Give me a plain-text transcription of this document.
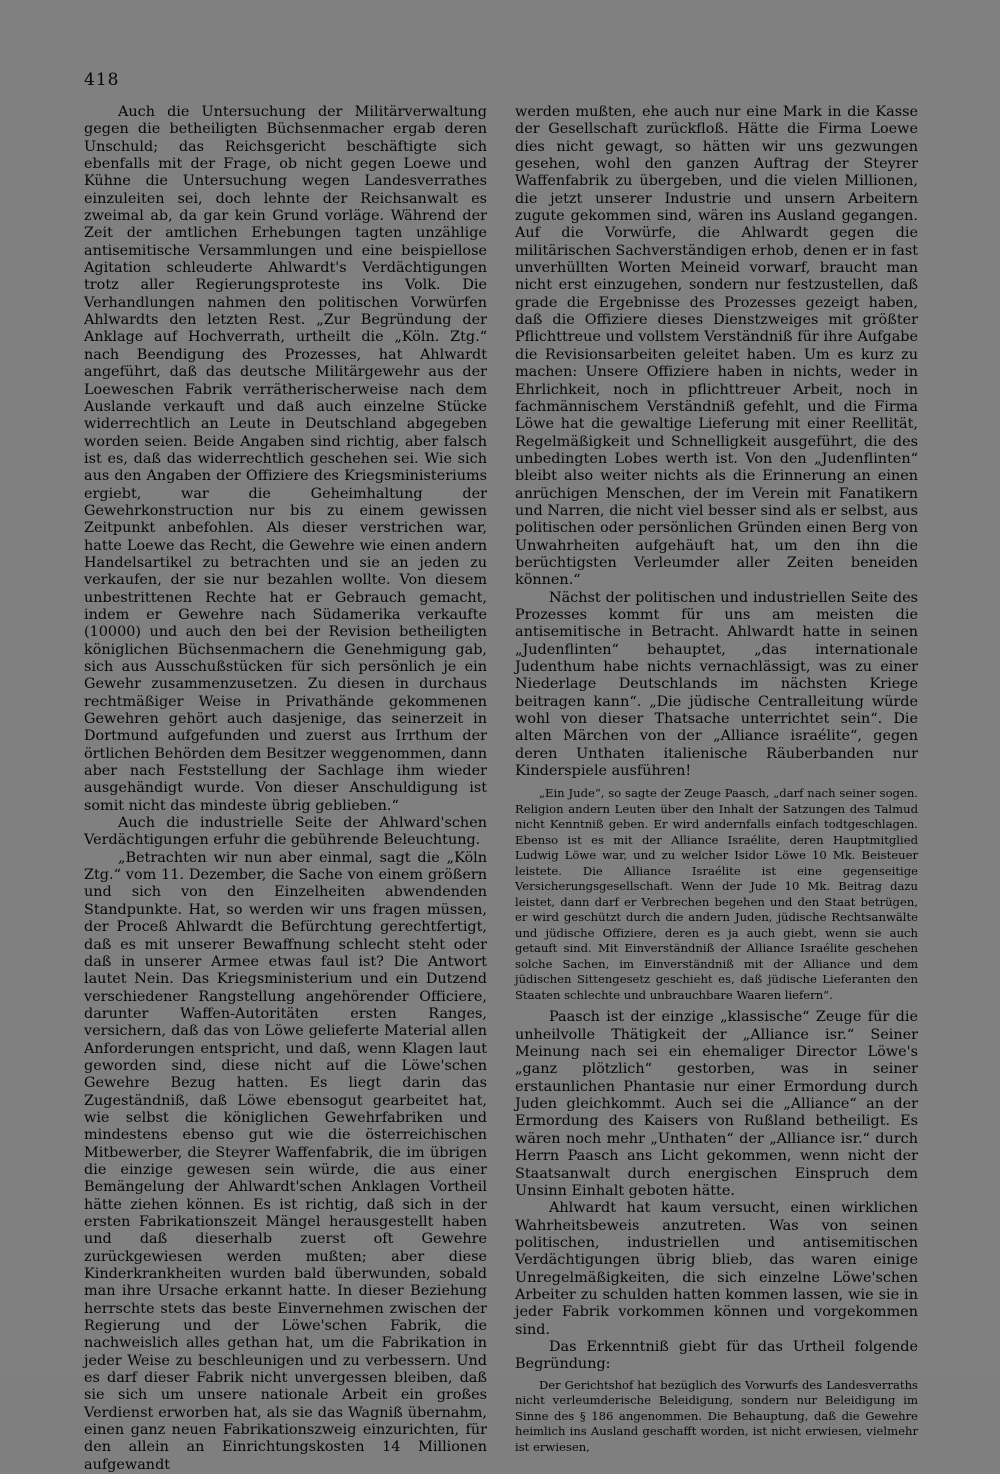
418

Auch die Untersuchung der Militärverwaltung gegen die betheiligten Büchsenmacher ergab deren Unschuld; das Reichsgericht beschäftigte sich ebenfalls mit der Frage, ob nicht gegen Loewe und Kühne die Untersuchung wegen Landesverrathes einzuleiten sei, doch lehnte der Reichsanwalt es zweimal ab, da gar kein Grund vorläge. Während der Zeit der amtlichen Erhebungen tagten unzählige antisemitische Versammlungen und eine beispiellose Agitation schleuderte Ahlwardt's Verdächtigungen trotz aller Regierungsproteste ins Volk. Die Verhandlungen nahmen den politischen Vorwürfen Ahlwardts den letzten Rest. „Zur Begründung der Anklage auf Hochverrath, urtheilt die „Köln. Ztg.“ nach Beendigung des Prozesses, hat Ahlwardt angeführt, daß das deutsche Militärgewehr aus der Loeweschen Fabrik verrätherischerweise nach dem Auslande verkauft und daß auch einzelne Stücke widerrechtlich an Leute in Deutschland abgegeben worden seien. Beide Angaben sind richtig, aber falsch ist es, daß das widerrechtlich geschehen sei. Wie sich aus den Angaben der Offiziere des Kriegsministeriums ergiebt, war die Geheimhaltung der Gewehrkonstruction nur bis zu einem gewissen Zeitpunkt anbefohlen. Als dieser verstrichen war, hatte Loewe das Recht, die Gewehre wie einen andern Handelsartikel zu betrachten und sie an jeden zu verkaufen, der sie nur bezahlen wollte. Von diesem unbestrittenen Rechte hat er Gebrauch gemacht, indem er Gewehre nach Südamerika verkaufte (10000) und auch den bei der Revision betheiligten königlichen Büchsenmachern die Genehmigung gab, sich aus Ausschußstücken für sich persönlich je ein Gewehr zusammenzusetzen. Zu diesen in durchaus rechtmäßiger Weise in Privathände gekommenen Gewehren gehört auch dasjenige, das seinerzeit in Dortmund aufgefunden und zuerst aus Irrthum der örtlichen Behörden dem Besitzer weggenommen, dann aber nach Feststellung der Sachlage ihm wieder ausgehändigt wurde. Von dieser Anschuldigung ist somit nicht das mindeste übrig geblieben.“

Auch die industrielle Seite der Ahlward'schen Verdächtigungen erfuhr die gebührende Beleuchtung.

„Betrachten wir nun aber einmal, sagt die „Köln Ztg.“ vom 11. Dezember, die Sache von einem größern und sich von den Einzelheiten abwendenden Standpunkte. Hat, so werden wir uns fragen müssen, der Proceß Ahlwardt die Befürchtung gerechtfertigt, daß es mit unserer Bewaffnung schlecht steht oder daß in unserer Armee etwas faul ist? Die Antwort lautet Nein. Das Kriegsministerium und ein Dutzend verschiedener Rangstellung angehörender Officiere, darunter Waffen-Autoritäten ersten Ranges, versichern, daß das von Löwe gelieferte Material allen Anforderungen entspricht, und daß, wenn Klagen laut geworden sind, diese nicht auf die Löwe'schen Gewehre Bezug hatten. Es liegt darin das Zugeständniß, daß Löwe ebensogut gearbeitet hat, wie selbst die königlichen Gewehrfabriken und mindestens ebenso gut wie die österreichischen Mitbewerber, die Steyrer Waffenfabrik, die im übrigen die einzige gewesen sein würde, die aus einer Bemängelung der Ahlwardt'schen Anklagen Vortheil hätte ziehen können. Es ist richtig, daß sich in der ersten Fabrikationszeit Mängel herausgestellt haben und daß dieserhalb zuerst oft Gewehre zurückgewiesen werden mußten; aber diese Kinderkrankheiten wurden bald überwunden, sobald man ihre Ursache erkannt hatte. In dieser Beziehung herrschte stets das beste Einvernehmen zwischen der Regierung und der Löwe'schen Fabrik, die nachweislich alles gethan hat, um die Fabrikation in jeder Weise zu beschleunigen und zu verbessern. Und es darf dieser Fabrik nicht unvergessen bleiben, daß sie sich um unsere nationale Arbeit ein großes Verdienst erworben hat, als sie das Wagniß übernahm, einen ganz neuen Fabrikationszweig einzurichten, für den allein an Einrichtungskosten 14 Millionen aufgewandt

werden mußten, ehe auch nur eine Mark in die Kasse der Gesellschaft zurückfloß. Hätte die Firma Loewe dies nicht gewagt, so hätten wir uns gezwungen gesehen, wohl den ganzen Auftrag der Steyrer Waffenfabrik zu übergeben, und die vielen Millionen, die jetzt unserer Industrie und unsern Arbeitern zugute gekommen sind, wären ins Ausland gegangen. Auf die Vorwürfe, die Ahlwardt gegen die militärischen Sachverständigen erhob, denen er in fast unverhüllten Worten Meineid vorwarf, braucht man nicht erst einzugehen, sondern nur festzustellen, daß grade die Ergebnisse des Prozesses gezeigt haben, daß die Offiziere dieses Dienstzweiges mit größter Pflichttreue und vollstem Verständniß für ihre Aufgabe die Revisionsarbeiten geleitet haben. Um es kurz zu machen: Unsere Offiziere haben in nichts, weder in Ehrlichkeit, noch in pflichttreuer Arbeit, noch in fachmännischem Verständniß gefehlt, und die Firma Löwe hat die gewaltige Lieferung mit einer Reellität, Regelmäßigkeit und Schnelligkeit ausgeführt, die des unbedingten Lobes werth ist. Von den „Judenflinten“ bleibt also weiter nichts als die Erinnerung an einen anrüchigen Menschen, der im Verein mit Fanatikern und Narren, die nicht viel besser sind als er selbst, aus politischen oder persönlichen Gründen einen Berg von Unwahrheiten aufgehäuft hat, um den ihn die berüchtigsten Verleumder aller Zeiten beneiden können.“

Nächst der politischen und industriellen Seite des Prozesses kommt für uns am meisten die antisemitische in Betracht. Ahlwardt hatte in seinen „Judenflinten“ behauptet, „das internationale Judenthum habe nichts vernachlässigt, was zu einer Niederlage Deutschlands im nächsten Kriege beitragen kann“. „Die jüdische Centralleitung würde wohl von dieser Thatsache unterrichtet sein“. Die alten Märchen von der „Alliance israélite“, gegen deren Unthaten italienische Räuberbanden nur Kinderspiele ausführen!

„Ein Jude“, so sagte der Zeuge Paasch, „darf nach seiner sogen. Religion andern Leuten über den Inhalt der Satzungen des Talmud nicht Kenntniß geben. Er wird andernfalls einfach todtgeschlagen. Ebenso ist es mit der Alliance Israélite, deren Hauptmitglied Ludwig Löwe war, und zu welcher Isidor Löwe 10 Mk. Beisteuer leistete. Die Alliance Israélite ist eine gegenseitige Versicherungsgesellschaft. Wenn der Jude 10 Mk. Beitrag dazu leistet, dann darf er Verbrechen begehen und den Staat betrügen, er wird geschützt durch die andern Juden, jüdische Rechtsanwälte und jüdische Offiziere, deren es ja auch giebt, wenn sie auch getauft sind. Mit Einverständniß der Alliance Israélite geschehen solche Sachen, im Einverständniß mit der Alliance und dem jüdischen Sittengesetz geschieht es, daß jüdische Lieferanten den Staaten schlechte und unbrauchbare Waaren liefern“.

Paasch ist der einzige „klassische“ Zeuge für die unheilvolle Thätigkeit der „Alliance isr.“ Seiner Meinung nach sei ein ehemaliger Director Löwe's „ganz plötzlich“ gestorben, was in seiner erstaunlichen Phantasie nur einer Ermordung durch Juden gleichkommt. Auch sei die „Alliance“ an der Ermordung des Kaisers von Rußland betheiligt. Es wären noch mehr „Unthaten“ der „Alliance isr.“ durch Herrn Paasch ans Licht gekommen, wenn nicht der Staatsanwalt durch energischen Einspruch dem Unsinn Einhalt geboten hätte.

Ahlwardt hat kaum versucht, einen wirklichen Wahrheitsbeweis anzutreten. Was von seinen politischen, industriellen und antisemitischen Verdächtigungen übrig blieb, das waren einige Unregelmäßigkeiten, die sich einzelne Löwe'schen Arbeiter zu schulden hatten kommen lassen, wie sie in jeder Fabrik vorkommen können und vorgekommen sind.

Das Erkenntniß giebt für das Urtheil folgende Begründung:

Der Gerichtshof hat bezüglich des Vorwurfs des Landesverraths nicht verleumderische Beleidigung, sondern nur Beleidigung im Sinne des § 186 angenommen. Die Behauptung, daß die Gewehre heimlich ins Ausland geschafft worden, ist nicht erwiesen, vielmehr ist erwiesen,
